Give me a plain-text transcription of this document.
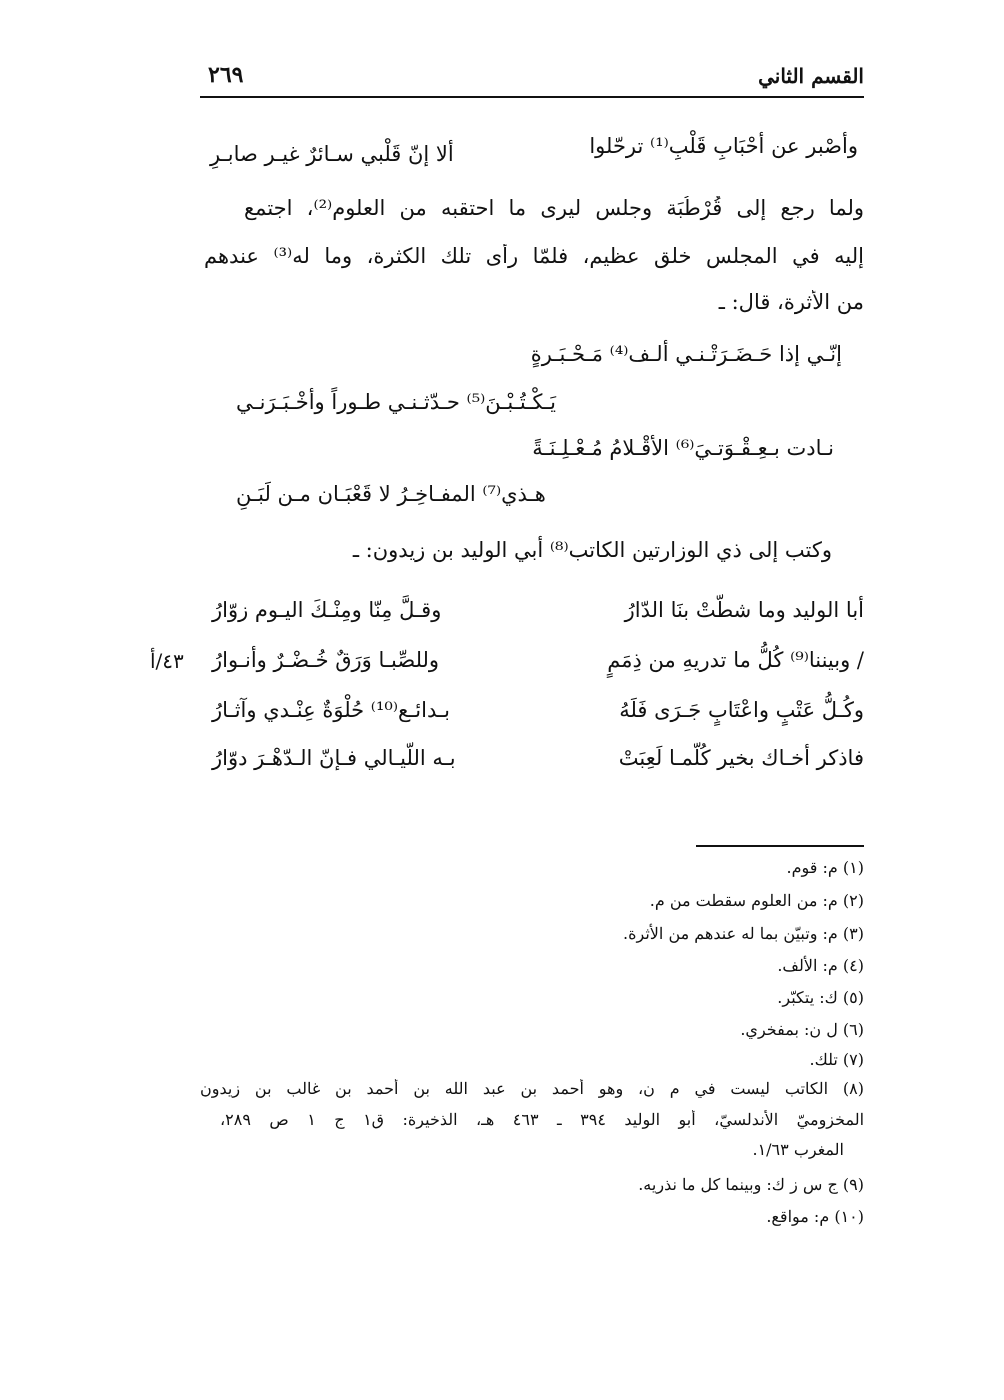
القسم الثاني
٢٦٩
وأصْبر عن أحْبَابِ قَلْبِ⁽¹⁾ ترحّلوا
ألا إنّ قَلْبي سـائرٌ غيـر صابـرِ
ولما رجع إلى قُرْطُبَة وجلس ليرى ما احتقبه من العلوم⁽²⁾، اجتمع
إليه في المجلس خلق عظيم، فلمّا رأى تلك الكثرة، وما له⁽³⁾ عندهم
من الأثرة، قال: ـ
إنّـي إذا حَـضَـرَتْـنـي ألـف⁽⁴⁾ مَـحْـبَـرةٍ
يَـكْـتُـبْـنَ⁽⁵⁾ حـدّثـنـي طـوراً وأخْـبَـرَنـي
نـادت بـعِـقْـوَتـيَ⁽⁶⁾ الأقْـلامُ مُـعْـلِـنَـةً
هـذي⁽⁷⁾ المفـاخِـرُ لا قَعْبَـان مـن لَبَـنِ
وكتب إلى ذي الوزارتين الكاتب⁽⁸⁾ أبي الوليد بن زيدون: ـ
أبا الوليد وما شطّتْ بنَا الدّارُ
وقـلَّ مِنّا ومِنْـكَ اليـوم زوّارُ
/ وبيننا⁽⁹⁾ كُلُّ ما تدريهِ من ذِمَمٍ
وللصِّبـا وَرَقٌ خُـضْـرٌ وأنـوارُ
وكُـلُّ عَتْبٍ واعْتَابٍ جَـرَى فَلَهُ
بـدائـع⁽¹⁰⁾ حُلْوَةٌ عِنْـدي وآثـارُ
فاذكر أخـاك بخير كُلّمـا لَعِبَتْ
بـه اللّيـالي فـإنّ الـدّهْـرَ دوّارُ
٤٣/أ
(١) م: قوم.
(٢) م: من العلوم سقطت من م.
(٣) م: وتبيّن بما له عندهم من الأثرة.
(٤) م: الألف.
(٥) ك: يتكبّر.
(٦) ل ن: بمفخري.
(٧) تلك.
(٨) الكاتب ليست في م ن، وهو أحمد بن عبد الله بن أحمد بن غالب بن زيدون
المخزوميّ الأندلسيّ، أبو الوليد ٣٩٤ ـ ٤٦٣ هـ، الذخيرة: ق١ ج ١ ص ٢٨٩،
المغرب ١/٦٣.
(٩) ج س ز ك: وبينما كل ما نذريه.
(١٠) م: مواقع.
